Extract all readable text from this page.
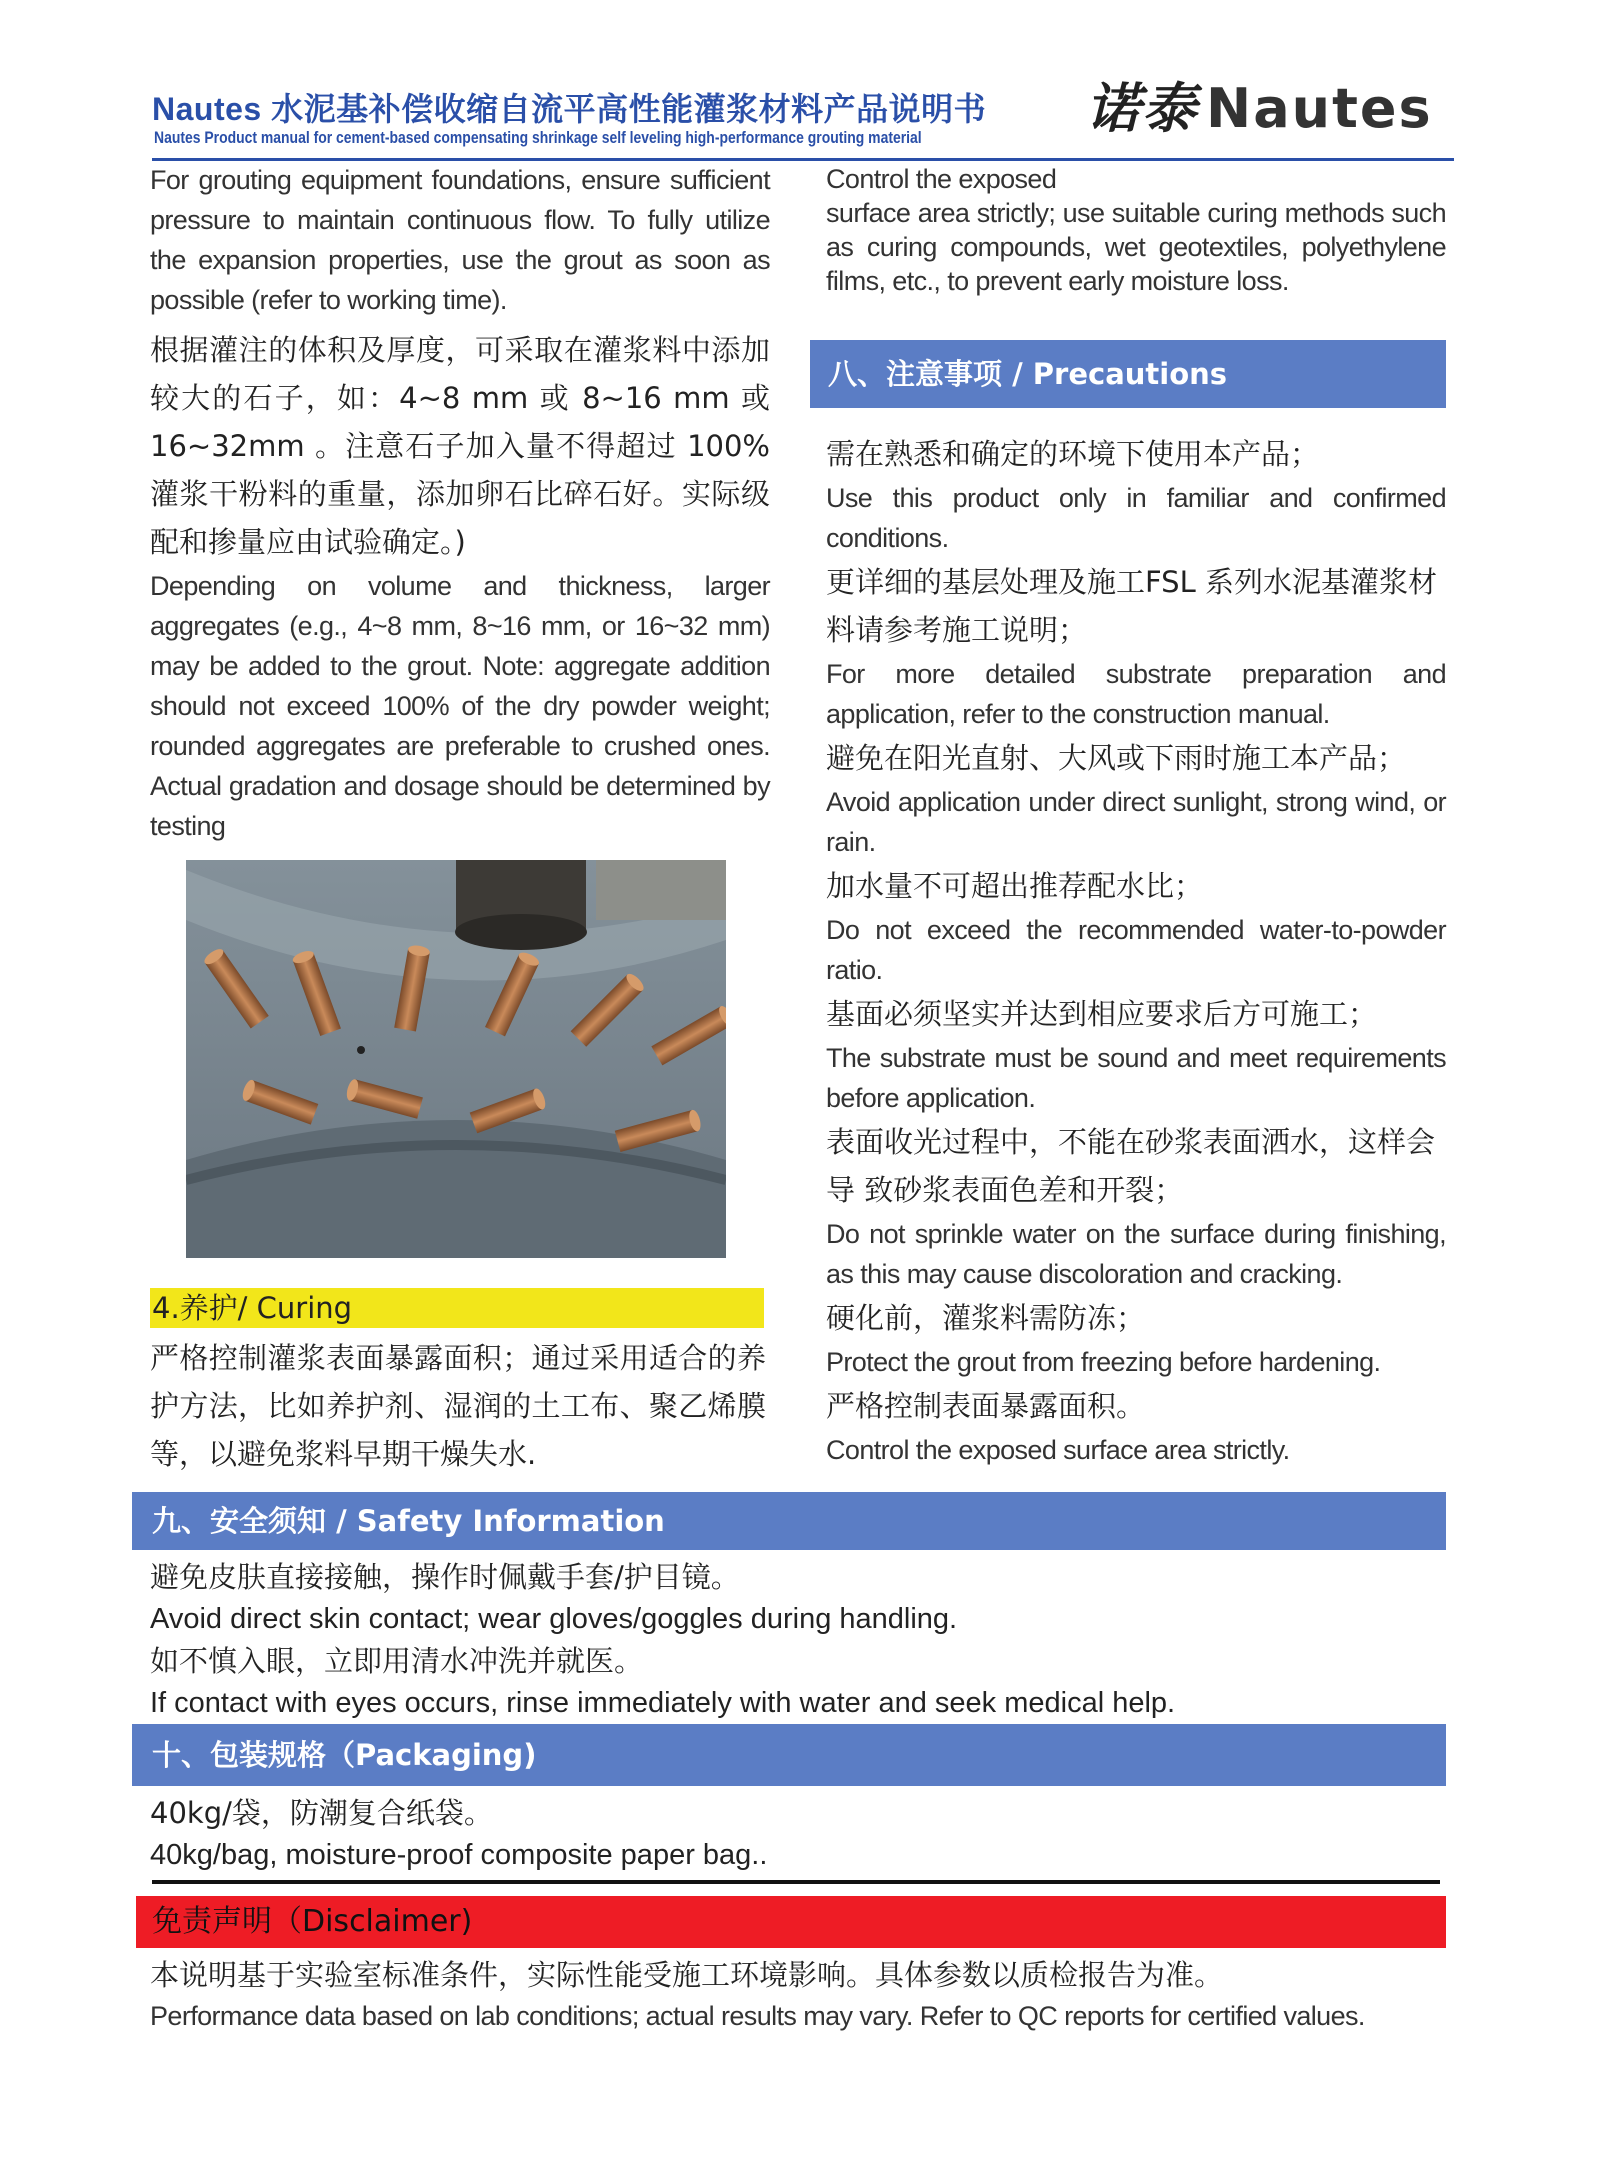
Nautes 水泥基补偿收缩自流平高性能灌浆材料产品说明书
Nautes Product manual for cement-based compensating shrinkage self leveling high-performance grouting material	诺泰 Nautes

For grouting equipment foundations, ensure sufficient pressure to maintain continuous flow. To fully utilize the expansion properties, use the grout as soon as possible (refer to working time).

根据灌注的体积及厚度，可采取在灌浆料中添加较大的石子，如：4~8 mm 或 8~16 mm 或 16~32mm 。注意石子加入量不得超过 100%灌浆干粉料的重量，添加卵石比碎石好。实际级配和掺量应由试验确定。)

Depending on volume and thickness, larger aggregates (e.g., 4~8 mm, 8~16 mm, or 16~32 mm) may be added to the grout. Note: aggregate addition should not exceed 100% of the dry powder weight; rounded aggregates are preferable to crushed ones. Actual gradation and dosage should be determined by testing

4.养护/ Curing

严格控制灌浆表面暴露面积；通过采用适合的养护方法，比如养护剂、湿润的土工布、聚乙烯膜等，以避免浆料早期干燥失水.

Control the exposed

surface area strictly; use suitable curing methods such as curing compounds, wet geotextiles, polyethylene films, etc., to prevent early moisture loss.

八、注意事项 / Precautions

需在熟悉和确定的环境下使用本产品；

Use this product only in familiar and confirmed conditions.

更详细的基层处理及施工FSL 系列水泥基灌浆材料请参考施工说明；

For more detailed substrate preparation and application, refer to the construction manual.

避免在阳光直射、大风或下雨时施工本产品；

Avoid application under direct sunlight, strong wind, or rain.

加水量不可超出推荐配水比；

Do not exceed the recommended water-to-powder ratio.

基面必须坚实并达到相应要求后方可施工；

The substrate must be sound and meet requirements before application.

表面收光过程中，不能在砂浆表面洒水，这样会导 致砂浆表面色差和开裂；

Do not sprinkle water on the surface during finishing, as this may cause discoloration and cracking.

硬化前，灌浆料需防冻；

Protect the grout from freezing before hardening.

严格控制表面暴露面积。

Control the exposed surface area strictly.

九、安全须知 / Safety Information

避免皮肤直接接触，操作时佩戴手套/护目镜。

Avoid direct skin contact; wear gloves/goggles during handling.

如不慎入眼，立即用清水冲洗并就医。

If contact with eyes occurs, rinse immediately with water and seek medical help.

十、包装规格（Packaging)

40kg/袋，防潮复合纸袋。

40kg/bag, moisture-proof composite paper bag..

免责声明（Disclaimer)

本说明基于实验室标准条件，实际性能受施工环境影响。具体参数以质检报告为准。

Performance data based on lab conditions; actual results may vary. Refer to QC reports for certified values.
